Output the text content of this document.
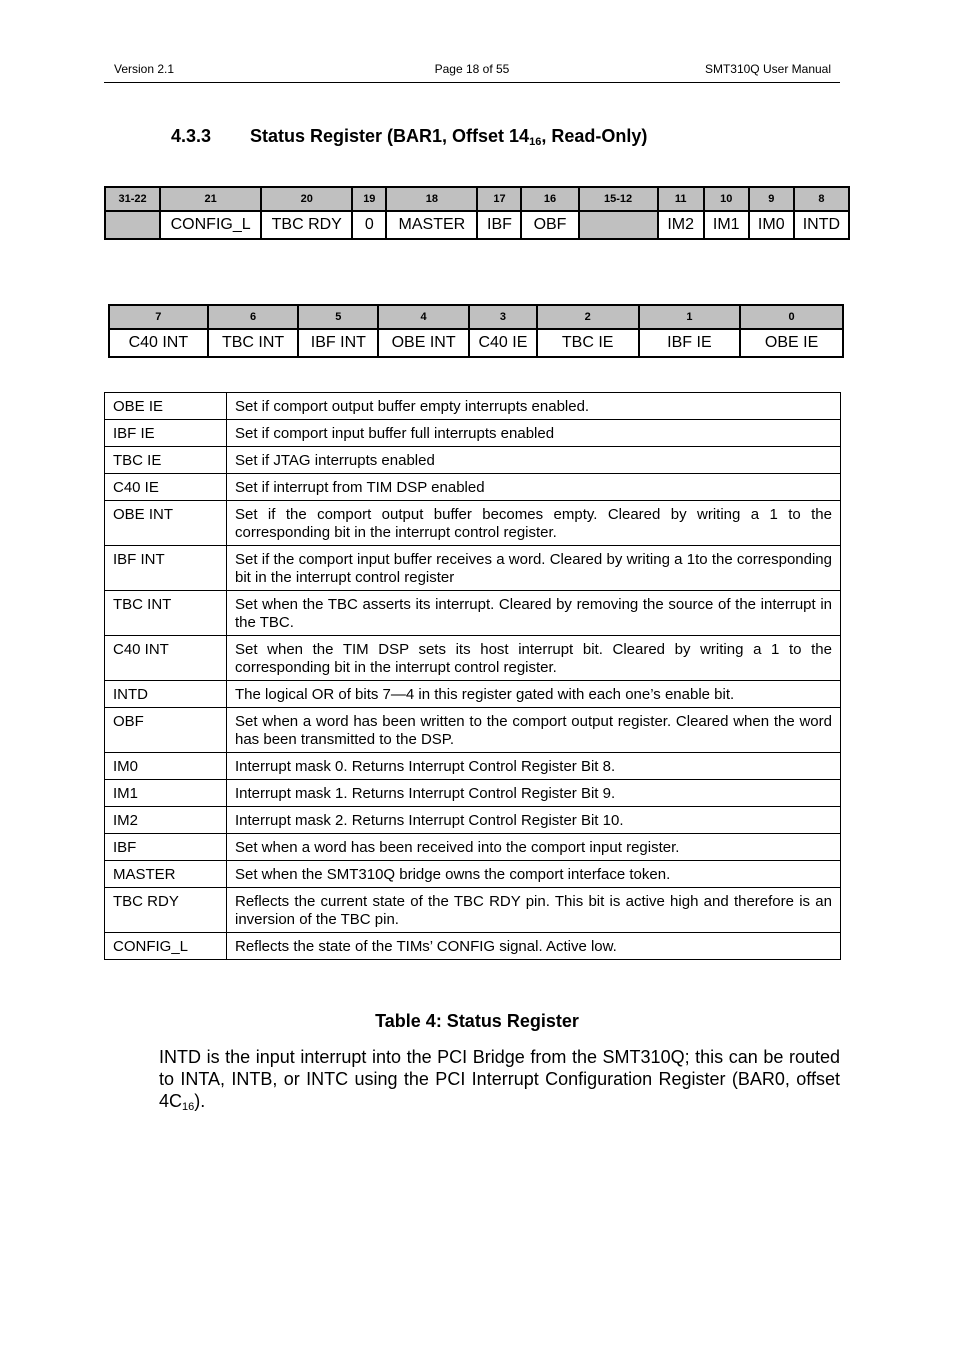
Version 2.1	Page 18 of 55	SMT310Q User Manual
4.3.3 Status Register (BAR1, Offset $14_{16}$, Read-Only)
31-22	21	20	19	18	17	16	15-12	11	10	9	8
	CONFIG_L	TBC RDY	0	MASTER	IBF	OBF		IM2	IM1	IM0	INTD
7	6	5	4	3	2	1	0
C40 INT	TBC INT	IBF INT	OBE INT	C40 IE	TBC IE	IBF IE	OBE IE
OBE IE	Set if comport output buffer empty interrupts enabled.
IBF IE	Set if comport input buffer full interrupts enabled
TBC IE	Set if JTAG interrupts enabled
C40 IE	Set if interrupt from TIM DSP enabled
OBE INT	Set if the comport output buffer becomes empty. Cleared by writing a 1 to the corresponding bit in the interrupt control register.
IBF INT	Set if the comport input buffer receives a word. Cleared by writing a 1to the corresponding bit in the interrupt control register
TBC INT	Set when the TBC asserts its interrupt. Cleared by removing the source of the interrupt in the TBC.
C40 INT	Set when the TIM DSP sets its host interrupt bit. Cleared by writing a 1 to the corresponding bit in the interrupt control register.
INTD	The logical OR of bits 7—4 in this register gated with each one’s enable bit.
OBF	Set when a word has been written to the comport output register. Cleared when the word has been transmitted to the DSP.
IM0	Interrupt mask 0. Returns Interrupt Control Register Bit 8.
IM1	Interrupt mask 1. Returns Interrupt Control Register Bit 9.
IM2	Interrupt mask 2. Returns Interrupt Control Register Bit 10.
IBF	Set when a word has been received into the comport input register.
MASTER	Set when the SMT310Q bridge owns the comport interface token.
TBC RDY	Reflects the current state of the TBC RDY pin. This bit is active high and therefore is an inversion of the TBC pin.
CONFIG_L	Reflects the state of the TIMs’ CONFIG signal. Active low.
Table 4: Status Register
INTD is the input interrupt into the PCI Bridge from the SMT310Q; this can be routed to INTA, INTB, or INTC using the PCI Interrupt Configuration Register (BAR0, offset $4C_{16}$).
